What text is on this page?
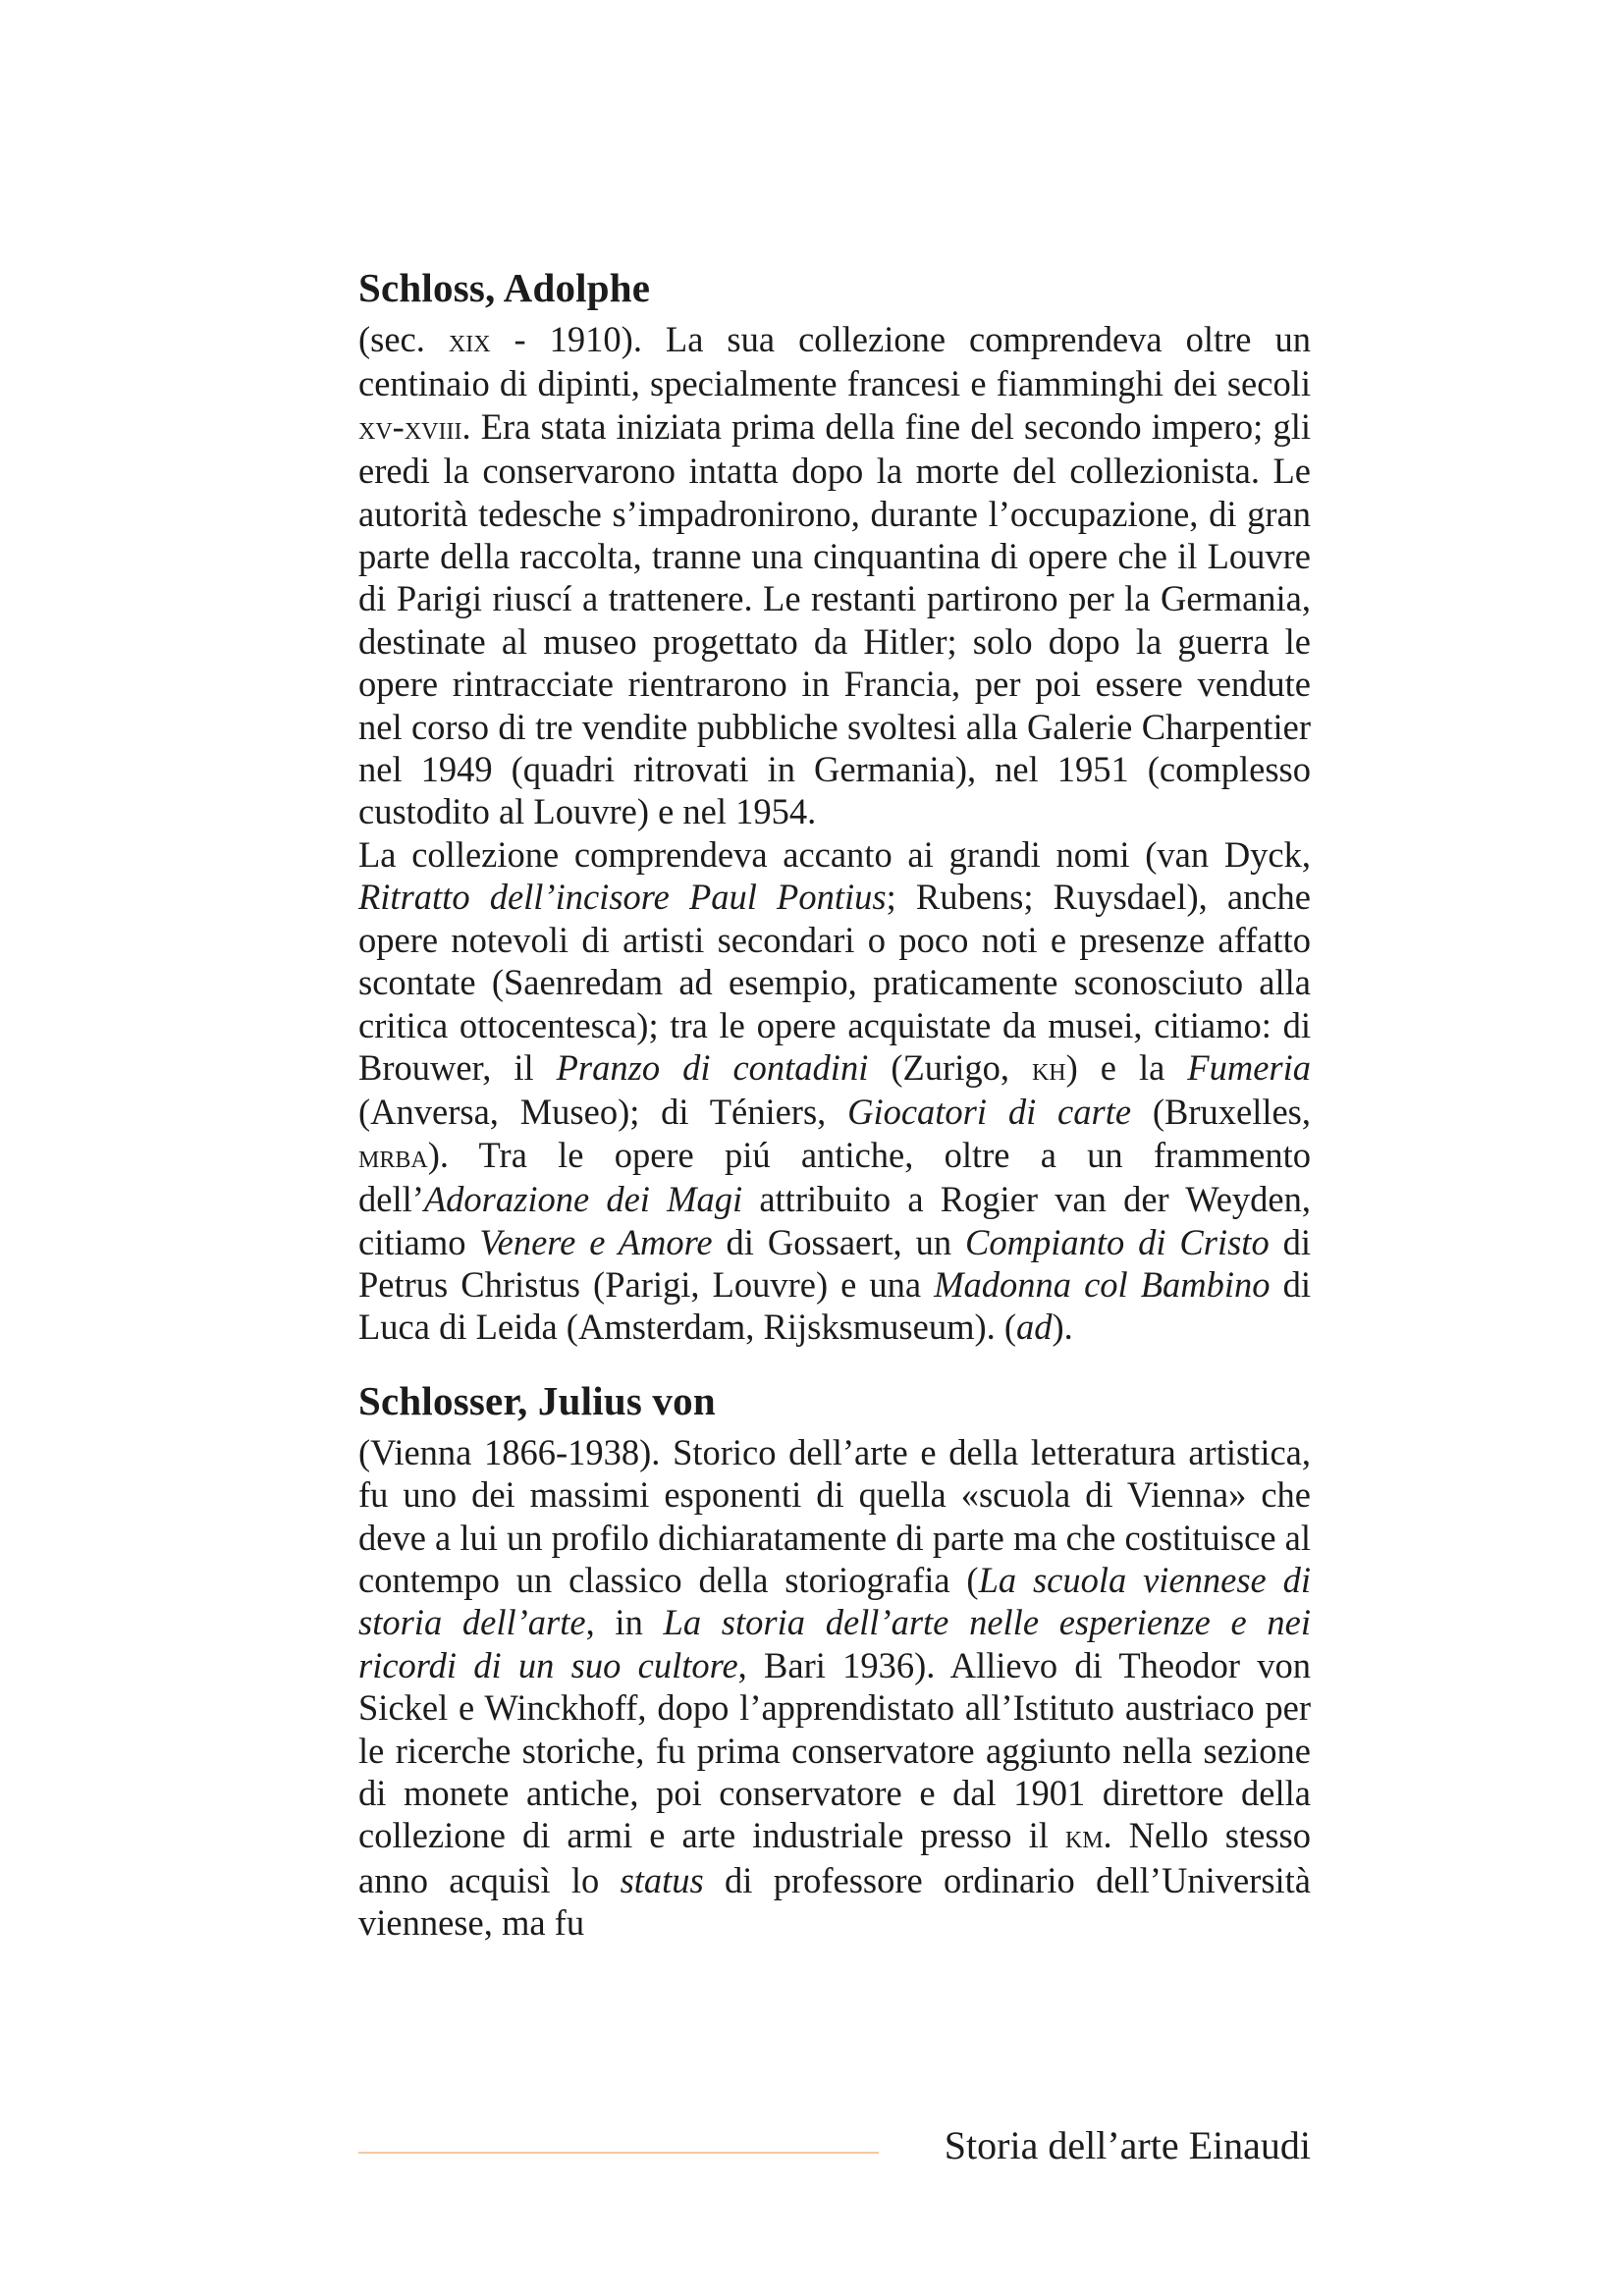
Schloss, Adolphe

(sec. xix - 1910). La sua collezione comprendeva oltre un centinaio di dipinti, specialmente francesi e fiamminghi dei secoli xv-xviii. Era stata iniziata prima della fine del secondo impero; gli eredi la conservarono intatta dopo la morte del collezionista. Le autorità tedesche s’impadronirono, durante l’occupazione, di gran parte della raccolta, tranne una cinquantina di opere che il Louvre di Parigi riuscí a trattenere. Le restanti partirono per la Germania, destinate al museo progettato da Hitler; solo dopo la guerra le opere rintracciate rientrarono in Francia, per poi essere vendute nel corso di tre vendite pubbliche svoltesi alla Galerie Charpentier nel 1949 (quadri ritrovati in Germania), nel 1951 (complesso custodito al Louvre) e nel 1954.

La collezione comprendeva accanto ai grandi nomi (van Dyck, Ritratto dell’incisore Paul Pontius; Rubens; Ruysdael), anche opere notevoli di artisti secondari o poco noti e presenze affatto scontate (Saenredam ad esempio, praticamente sconosciuto alla critica ottocentesca); tra le opere acquistate da musei, citiamo: di Brouwer, il Pranzo di contadini (Zurigo, kh) e la Fumeria (Anversa, Museo); di Téniers, Giocatori di carte (Bruxelles, mrba). Tra le opere piú antiche, oltre a un frammento dell’Adorazione dei Magi attribuito a Rogier van der Weyden, citiamo Venere e Amore di Gossaert, un Compianto di Cristo di Petrus Christus (Parigi, Louvre) e una Madonna col Bambino di Luca di Leida (Amsterdam, Rijsksmuseum). (ad).

Schlosser, Julius von

(Vienna 1866-1938). Storico dell’arte e della letteratura artistica, fu uno dei massimi esponenti di quella «scuola di Vienna» che deve a lui un profilo dichiaratamente di parte ma che costituisce al contempo un classico della storiografia (La scuola viennese di storia dell’arte, in La storia dell’arte nelle esperienze e nei ricordi di un suo cultore, Bari 1936). Allievo di Theodor von Sickel e Winckhoff, dopo l’apprendistato all’Istituto austriaco per le ricerche storiche, fu prima conservatore aggiunto nella sezione di monete antiche, poi conservatore e dal 1901 direttore della collezione di armi e arte industriale presso il km. Nello stesso anno acquisì lo status di professore ordinario dell’Università viennese, ma fu

Storia dell’arte Einaudi
